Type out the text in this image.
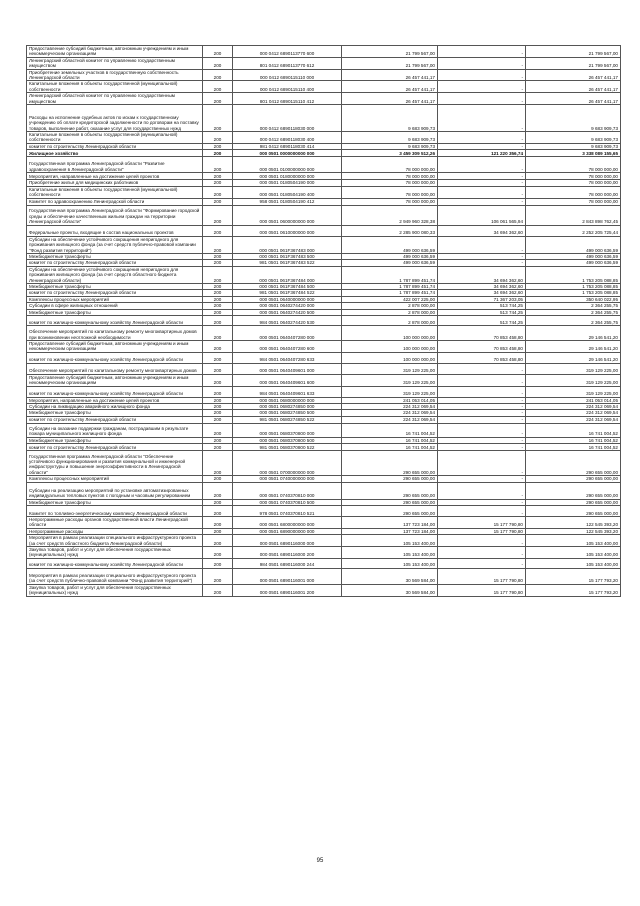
Предоставление субсидий бюджетным, автономным учреждениям и иным некоммерческим организациям	200	000 0412 6890113770 600	21 799 567,00	-	21 799 567,00
Ленинградский областной комитет по управлению государственным имуществом	200	801 0412 6890113770 612	21 799 567,00	-	21 799 567,00
Приобретение земельных участков в государственную собственность Ленинградской области	200	000 0412 6890115110 000	26 457 441,17	-	26 457 441,17
Капитальные вложения в объекты государственной (муниципальной) собственности	200	000 0412 6890115110 400	26 457 441,17	-	26 457 441,17
Ленинградский областной комитет по управлению государственным имуществом	200	801 0412 6890115110 412	26 457 441,17	-	26 457 441,17
Расходы на исполнение судебных актов по искам к государственному учреждению об оплате кредиторской задолженности по договорам на поставку товаров, выполнение работ, оказание услуг для государственных нужд	200	000 0412 6890118030 000	9 683 909,73	-	9 683 909,73
Капитальные вложения в объекты государственной (муниципальной) собственности	200	000 0412 6890118030 400	9 683 909,73	-	9 683 909,73
комитет по строительству Ленинградской области	200	981 0412 6890118030 414	9 683 909,73	-	9 683 909,73
Жилищное хозяйство	200	000 0501 0000000000 000	3 459 309 512,26	121 220 356,74	3 338 089 155,65
Государственная программа Ленинградской области "Развитие здравоохранения в Ленинградской области"	200	000 0501 0100000000 000	78 000 000,00	-	78 000 000,00
Мероприятия, направленные на достижение целей проектов	200	000 0501 0180000000 000	78 000 000,00	-	78 000 000,00
Приобретение жилья для медицинских работников	200	000 0501 0180504190 000	78 000 000,00	-	78 000 000,00
Капитальные вложения в объекты государственной (муниципальной) собственности	200	000 0501 0180504190 400	78 000 000,00	-	78 000 000,00
Комитет по здравоохранению Ленинградской области	200	958 0501 0180504190 412	78 000 000,00	-	78 000 000,00
Государственная программа Ленинградской области "Формирование городской среды и обеспечение качественным жильем граждан на территории Ленинградской области"	200	000 0501 0600000000 000	2 949 960 328,38	106 061 565,94	2 843 898 762,45
Федеральные проекты, входящие в состав национальных проектов	200	000 0501 0610000000 000	2 285 900 080,33	34 694 362,60	2 252 205 725,44
Субсидии на обеспечение устойчивого сокращения непригодного для проживания жилищного фонда (за счет средств публично-правовой компании "Фонд развития территорий")	200	000 0501 061F367483 000	499 000 636,59	-	499 000 636,59
Межбюджетные трансферты	200	000 0501 061F367483 500	499 000 636,59	-	499 000 636,59
комитет по строительству Ленинградской области	200	981 0501 061F367483 522	499 000 636,59	-	499 000 636,59
Субсидии на обеспечение устойчивого сокращения непригодного для проживания жилищного фонда (за счет средств областного бюджета Ленинградской области)	200	000 0501 061F367484 000	1 787 899 451,74	34 694 362,60	1 753 205 088,85
Межбюджетные трансферты	200	000 0501 061F367484 500	1 787 899 451,74	34 694 362,60	1 753 205 088,85
комитет по строительству Ленинградской области	200	981 0501 061F367484 522	1 787 899 451,74	34 694 362,60	1 753 205 088,85
Комплексы процессных мероприятий	200	000 0501 0640000000 000	422 007 225,00	71 367 203,05	350 640 022,95
Субсидии в сфере жилищных отношений	200	000 0501 0640274420 000	2 878 000,00	513 744,25	2 364 255,75
Межбюджетные трансферты	200	000 0501 0640274420 500	2 878 000,00	513 744,25	2 364 255,75
комитет по жилищно-коммунальному хозяйству Ленинградской области	200	984 0501 0640274420 530	2 878 000,00	513 744,25	2 364 255,75
Обеспечение мероприятий по капитальному ремонту многоквартирных домов при возникновении неотложной необходимости	200	000 0501 0640407280 000	100 000 000,00	70 853 458,80	29 146 541,20
Предоставление субсидий бюджетным, автономным учреждениям и иным некоммерческим организациям	200	000 0501 0640407280 600	100 000 000,00	70 853 458,80	29 146 541,20
комитет по жилищно-коммунальному хозяйству Ленинградской области	200	984 0501 0640407280 633	100 000 000,00	70 853 458,80	29 146 541,20
Обеспечение мероприятий по капитальному ремонту многоквартирных домов	200	000 0501 0640409601 000	319 129 225,00	-	319 129 225,00
Предоставление субсидий бюджетным, автономным учреждениям и иным некоммерческим организациям	200	000 0501 0640409601 600	319 129 225,00	-	319 129 225,00
комитет по жилищно-коммунальному хозяйству Ленинградской области	200	984 0501 0640409601 633	319 129 225,00	-	319 129 225,00
Мероприятия, направленные на достижение целей проектов	200	000 0501 0680000000 000	241 053 014,05	-	241 053 014,05
Субсидии на ликвидацию аварийного жилищного фонда	200	000 0501 0680274850 000	224 312 069,54	-	224 312 069,54
Межбюджетные трансферты	200	000 0501 0680274850 500	224 312 069,54	-	224 312 069,54
комитет по строительству Ленинградской области	200	981 0501 0680274850 522	224 312 069,54	-	224 312 069,54
Субсидии на оказание поддержки гражданам, пострадавшим в результате пожара муниципального жилищного фонда	200	000 0501 0680370800 000	16 741 004,52	-	16 741 004,52
Межбюджетные трансферты	200	000 0501 0680370800 500	16 741 004,52	-	16 741 004,52
комитет по строительству Ленинградской области	200	981 0501 0680370800 522	16 741 004,52	-	16 741 004,52
Государственная программа Ленинградской области "Обеспечение устойчивого функционирования и развития коммунальной и инженерной инфраструктуры и повышение энергоэффективности в Ленинградской области"	200	000 0501 0700000000 000	290 655 000,00	-	290 655 000,00
Комплексы процессных мероприятий	200	000 0501 0740000000 000	290 655 000,00	-	290 655 000,00
Субсидии на реализацию мероприятий по установке автоматизированных индивидуальных тепловых пунктов с погодным и часовым регулированием	200	000 0501 0740370810 000	290 655 000,00	-	290 655 000,00
Межбюджетные трансферты	200	000 0501 0740370810 500	290 655 000,00	-	290 655 000,00
Комитет по топливно-энергетическому комплексу Ленинградской области	200	978 0501 0740370810 521	290 655 000,00	-	290 655 000,00
Непрограммные расходы органов государственной власти Ленинградской области	200	000 0501 6800000000 000	137 723 184,00	15 177 790,80	122 545 393,20
Непрограммные расходы	200	000 0501 6890000000 000	137 723 184,00	15 177 790,80	122 545 393,20
Мероприятия в рамках реализации специального инфраструктурного проекта (за счет средств областного бюджета Ленинградской области)	200	000 0501 6890116000 000	105 153 400,00	-	105 153 400,00
Закупка товаров, работ и услуг для обеспечения государственных (муниципальных) нужд	200	000 0501 6890116000 200	105 153 400,00	-	105 153 400,00
комитет по жилищно-коммунальному хозяйству Ленинградской области	200	984 0501 6890116000 244	105 153 400,00	-	105 153 400,00
Мероприятия в рамках реализации специального инфраструктурного проекта (за счет средств публично-правовой компании "Фонд развития территорий")	200	000 0501 6890116001 000	30 569 584,00	15 177 790,80	15 177 793,20
Закупка товаров, работ и услуг для обеспечения государственных (муниципальных) нужд	200	000 0501 6890116001 200	30 569 584,00	15 177 790,80	15 177 793,20
95
